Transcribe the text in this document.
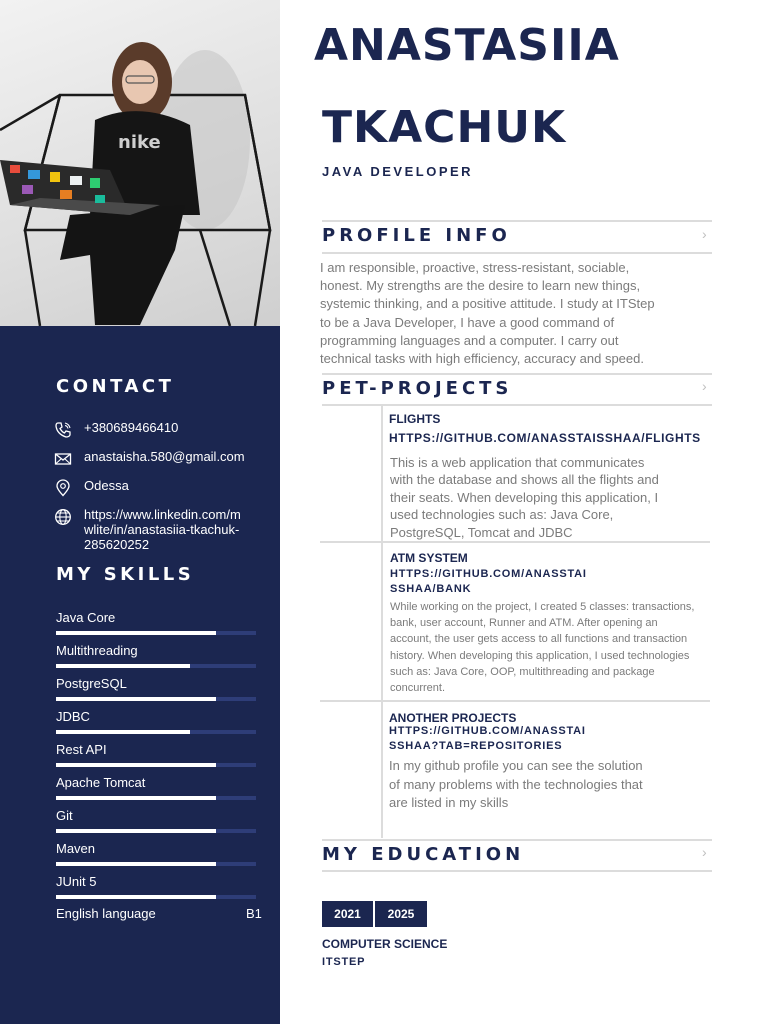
nike
CONTACT
+380689466410
anastaisha.580@gmail.com
Odessa
https://www.linkedin.com/m
wlite/in/anastasiia-tkachuk-
285620252
MY SKILLS
Java Core
Multithreading
PostgreSQL
JDBC
Rest API
Apache Tomcat
Git
Maven
JUnit 5
English language	B1
ANASTASIIA
TKACHUK
JAVA DEVELOPER
PROFILE INFO	›
I am responsible, proactive, stress-resistant, sociable,
honest. My strengths are the desire to learn new things,
systemic thinking, and a positive attitude. I study at ITStep
to be a Java Developer, I have a good command of
programming languages and a computer. I carry out
technical tasks with high efficiency, accuracy and speed.
PET-PROJECTS	›
FLIGHTS
HTTPS://GITHUB.COM/ANASSTAISSHAA/FLIGHTS
This is a web application that communicates
with the database and shows all the flights and
their seats. When developing this application, I
used technologies such as: Java Core,
PostgreSQL, Tomcat and JDBC
ATM SYSTEM
HTTPS://GITHUB.COM/ANASSTAI
SSHAA/BANK
While working on the project, I created 5 classes: transactions,
bank, user account, Runner and ATM. After opening an
account, the user gets access to all functions and transaction
history. When developing this application, I used technologies
such as: Java Core, OOP, multithreading and package
concurrent.
ANOTHER PROJECTS
HTTPS://GITHUB.COM/ANASSTAI
SSHAA?TAB=REPOSITORIES
In my github profile you can see the solution
of many problems with the technologies that
are listed in my skills
MY EDUCATION	›
2021	2025
COMPUTER SCIENCE
ITSTEP
